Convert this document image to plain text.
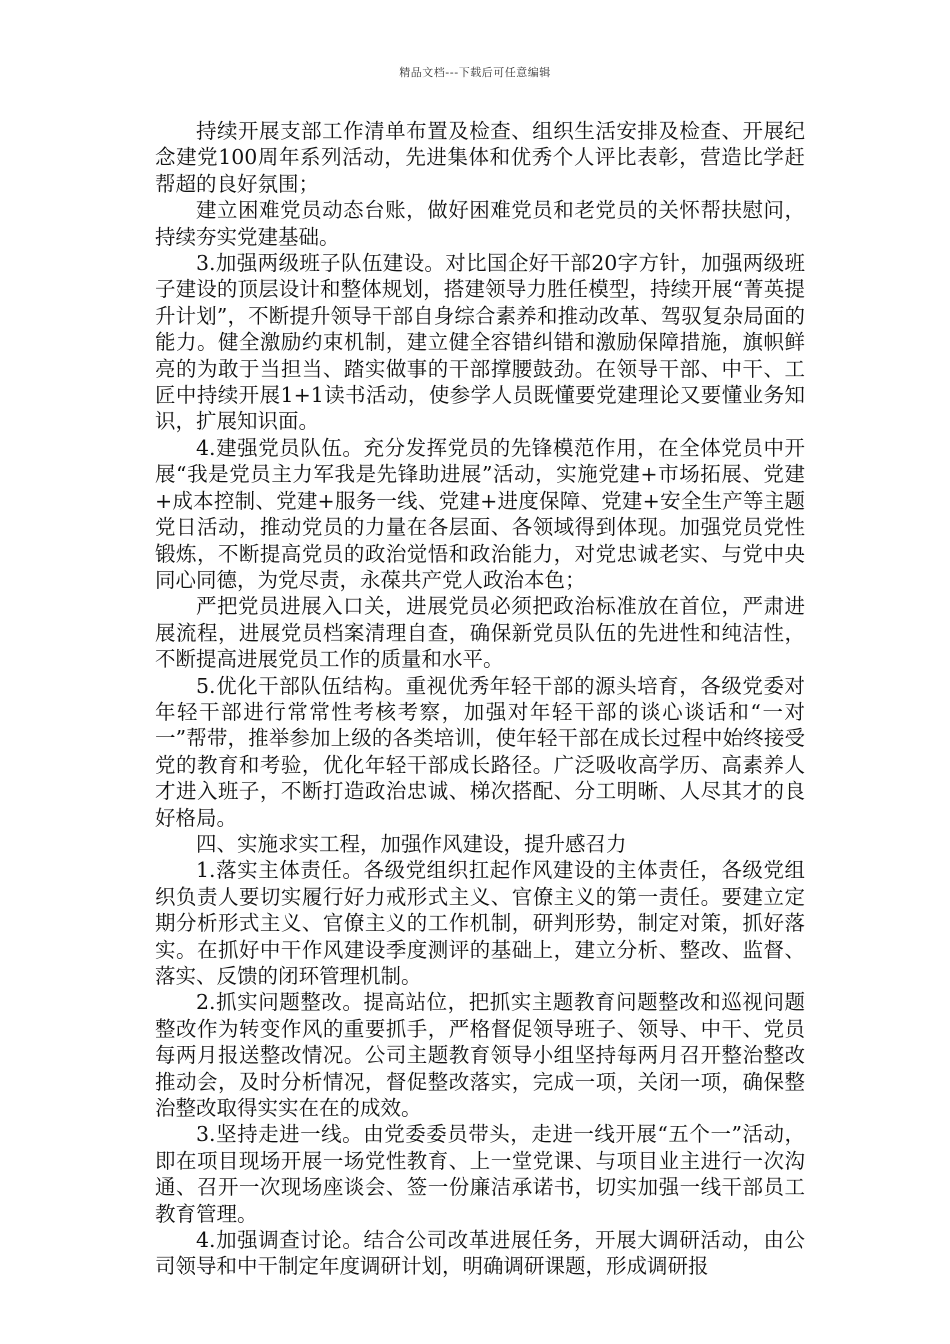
精品文档---下载后可任意编辑

持续开展支部工作清单布置及检查、组织生活安排及检查、开展纪念建党100周年系列活动，先进集体和优秀个人评比表彰，营造比学赶帮超的良好氛围；

建立困难党员动态台账，做好困难党员和老党员的关怀帮扶慰问，持续夯实党建基础。

3.加强两级班子队伍建设。对比国企好干部20字方针，加强两级班子建设的顶层设计和整体规划，搭建领导力胜任模型，持续开展“菁英提升计划”，不断提升领导干部自身综合素养和推动改革、驾驭复杂局面的能力。健全激励约束机制，建立健全容错纠错和激励保障措施，旗帜鲜亮的为敢于当担当、踏实做事的干部撑腰鼓劲。在领导干部、中干、工匠中持续开展1+1读书活动，使参学人员既懂要党建理论又要懂业务知识，扩展知识面。

4.建强党员队伍。充分发挥党员的先锋模范作用，在全体党员中开展“我是党员主力军我是先锋助进展”活动，实施党建+市场拓展、党建+成本控制、党建+服务一线、党建+进度保障、党建+安全生产等主题党日活动，推动党员的力量在各层面、各领域得到体现。加强党员党性锻炼，不断提高党员的政治觉悟和政治能力，对党忠诚老实、与党中央同心同德，为党尽责，永葆共产党人政治本色；

严把党员进展入口关，进展党员必须把政治标准放在首位，严肃进展流程，进展党员档案清理自查，确保新党员队伍的先进性和纯洁性，不断提高进展党员工作的质量和水平。

5.优化干部队伍结构。重视优秀年轻干部的源头培育，各级党委对年轻干部进行常常性考核考察，加强对年轻干部的谈心谈话和“一对一”帮带，推举参加上级的各类培训，使年轻干部在成长过程中始终接受党的教育和考验，优化年轻干部成长路径。广泛吸收高学历、高素养人才进入班子，不断打造政治忠诚、梯次搭配、分工明晰、人尽其才的良好格局。

四、实施求实工程，加强作风建设，提升感召力

1.落实主体责任。各级党组织扛起作风建设的主体责任，各级党组织负责人要切实履行好力戒形式主义、官僚主义的第一责任。要建立定期分析形式主义、官僚主义的工作机制，研判形势，制定对策，抓好落实。在抓好中干作风建设季度测评的基础上，建立分析、整改、监督、落实、反馈的闭环管理机制。

2.抓实问题整改。提高站位，把抓实主题教育问题整改和巡视问题整改作为转变作风的重要抓手，严格督促领导班子、领导、中干、党员每两月报送整改情况。公司主题教育领导小组坚持每两月召开整治整改推动会，及时分析情况，督促整改落实，完成一项，关闭一项，确保整治整改取得实实在在的成效。

3.坚持走进一线。由党委委员带头，走进一线开展“五个一”活动，即在项目现场开展一场党性教育、上一堂党课、与项目业主进行一次沟通、召开一次现场座谈会、签一份廉洁承诺书，切实加强一线干部员工教育管理。

4.加强调查讨论。结合公司改革进展任务，开展大调研活动，由公司领导和中干制定年度调研计划，明确调研课题，形成调研报
